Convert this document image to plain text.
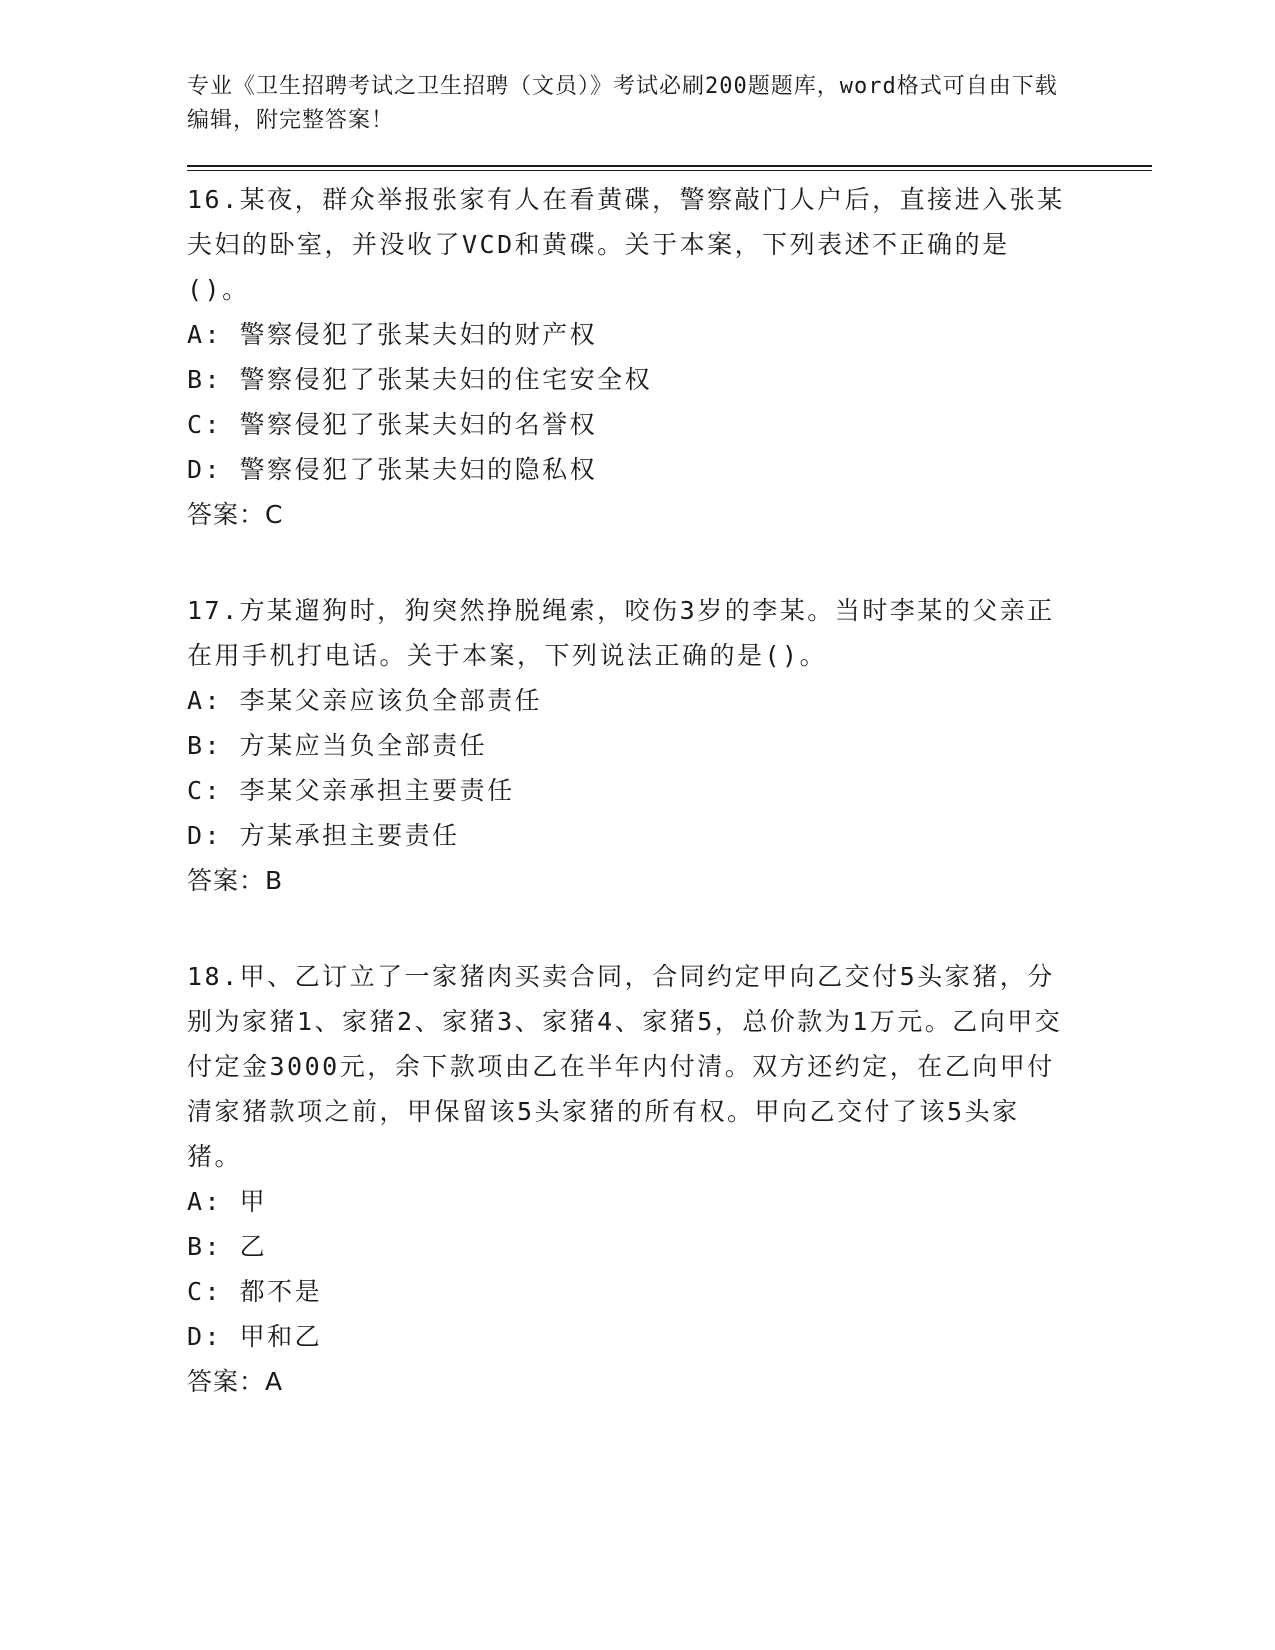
专业《卫生招聘考试之卫生招聘（文员）》考试必刷200题题库，word格式可自由下载编辑，附完整答案！

16.某夜，群众举报张家有人在看黄碟，警察敲门人户后，直接进入张某夫妇的卧室，并没收了VCD和黄碟。关于本案，下列表述不正确的是()。

A: 警察侵犯了张某夫妇的财产权

B: 警察侵犯了张某夫妇的住宅安全权

C: 警察侵犯了张某夫妇的名誉权

D: 警察侵犯了张某夫妇的隐私权

答案：C

17.方某遛狗时，狗突然挣脱绳索，咬伤3岁的李某。当时李某的父亲正在用手机打电话。关于本案，下列说法正确的是()。

A: 李某父亲应该负全部责任

B: 方某应当负全部责任

C: 李某父亲承担主要责任

D: 方某承担主要责任

答案：B

18.甲、乙订立了一家猪肉买卖合同，合同约定甲向乙交付5头家猪，分别为家猪1、家猪2、家猪3、家猪4、家猪5，总价款为1万元。乙向甲交付定金3000元，余下款项由乙在半年内付清。双方还约定，在乙向甲付清家猪款项之前，甲保留该5头家猪的所有权。甲向乙交付了该5头家猪。

A: 甲

B: 乙

C: 都不是

D: 甲和乙

答案：A
